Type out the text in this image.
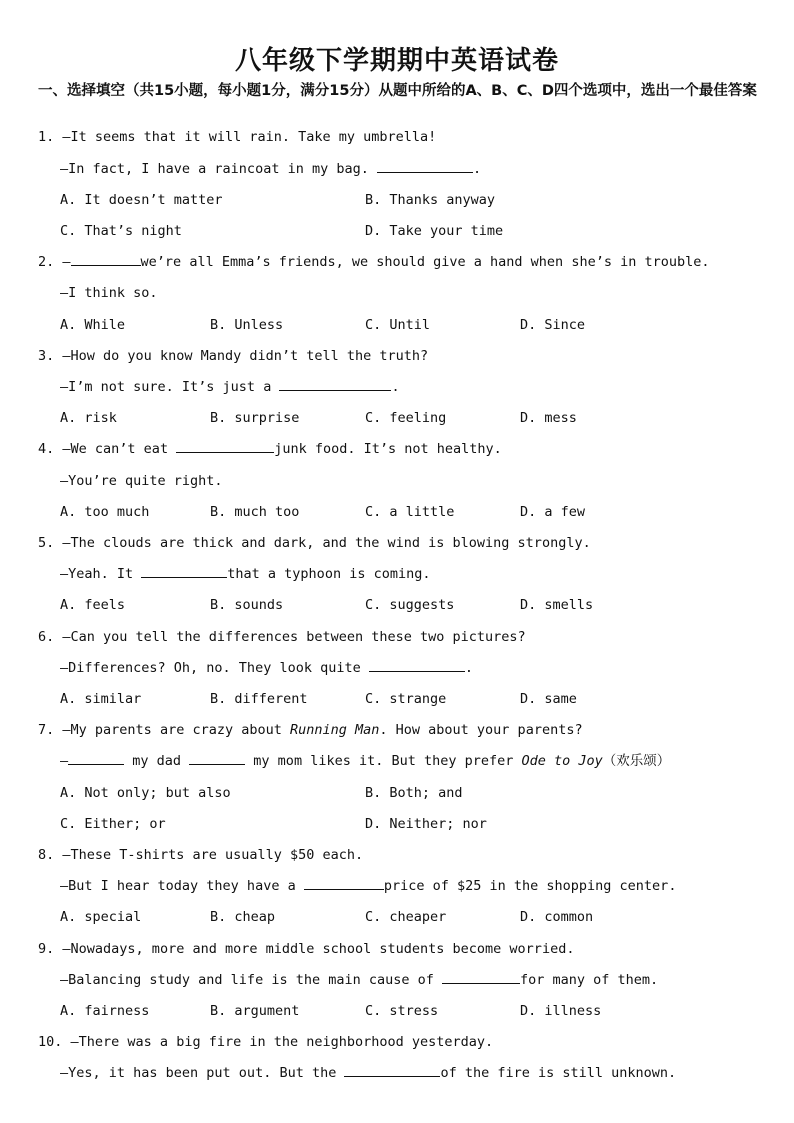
八年级下学期期中英语试卷
一、选择填空（共15小题，每小题1分，满分15分）从题中所给的A、B、C、D四个选项中，选出一个最佳答案
1. —It seems that it will rain. Take my umbrella!
—In fact, I have a raincoat in my bag.	.
A. It doesn’t matter	B. Thanks anyway
C. That’s night	D. Take your time
2. —	we’re all Emma’s friends, we should give a hand when she’s in trouble.
—I think so.
A. While	B. Unless	C. Until	D. Since
3. —How do you know Mandy didn’t tell the truth?
—I’m not sure. It’s just a	.
A. risk	B. surprise	C. feeling	D. mess
4. —We can’t eat	junk food. It’s not healthy.
—You’re quite right.
A. too much	B. much too	C. a little	D. a few
5. —The clouds are thick and dark, and the wind is blowing strongly.
—Yeah. It	that a typhoon is coming.
A. feels	B. sounds	C. suggests	D. smells
6. —Can you tell the differences between these two pictures?
—Differences? Oh, no. They look quite	.
A. similar	B. different	C. strange	D. same
7. —My parents are crazy about Running Man. How about your parents?
—	my dad	my mom likes it. But they prefer Ode to Joy（欢乐颂）
A. Not only; but also	B. Both; and
C. Either; or	D. Neither; nor
8. —These T-shirts are usually $50 each.
—But I hear today they have a	price of $25 in the shopping center.
A. special	B. cheap	C. cheaper	D. common
9. —Nowadays, more and more middle school students become worried.
—Balancing study and life is the main cause of	for many of them.
A. fairness	B. argument	C. stress	D. illness
10. —There was a big fire in the neighborhood yesterday.
—Yes, it has been put out. But the	of the fire is still unknown.
